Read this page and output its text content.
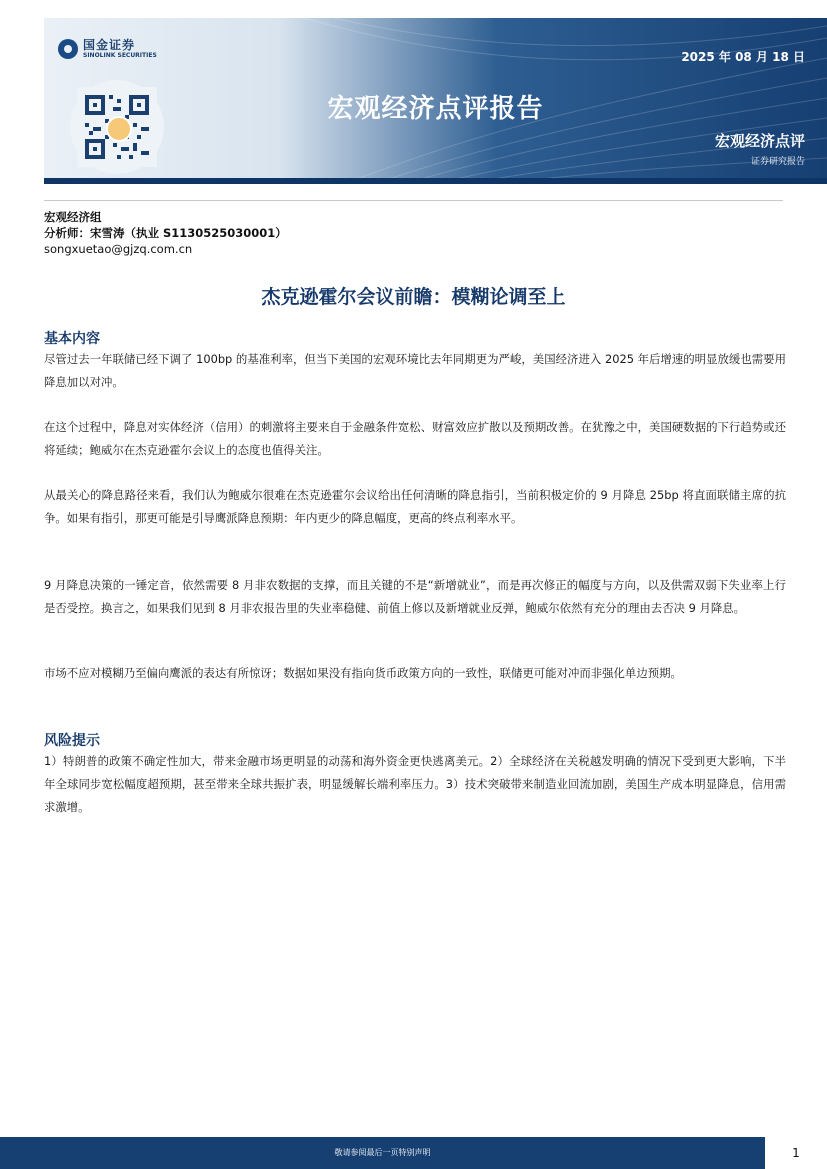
国金证券
SINOLINK SECURITIES
宏观经济点评报告
2025 年 08 月 18 日
宏观经济点评
证券研究报告
宏观经济组
分析师：宋雪涛（执业 S1130525030001）
songxuetao@gjzq.com.cn
杰克逊霍尔会议前瞻：模糊论调至上
基本内容

尽管过去一年联储已经下调了 100bp 的基准利率，但当下美国的宏观环境比去年同期更为严峻，美国经济进入 2025 年后增速的明显放缓也需要用降息加以对冲。

在这个过程中，降息对实体经济（信用）的刺激将主要来自于金融条件宽松、财富效应扩散以及预期改善。在犹豫之中，美国硬数据的下行趋势或还将延续；鲍威尔在杰克逊霍尔会议上的态度也值得关注。

从最关心的降息路径来看，我们认为鲍威尔很难在杰克逊霍尔会议给出任何清晰的降息指引，当前积极定价的 9 月降息 25bp 将直面联储主席的抗争。如果有指引，那更可能是引导鹰派降息预期：年内更少的降息幅度，更高的终点利率水平。

9 月降息决策的一锤定音，依然需要 8 月非农数据的支撑，而且关键的不是“新增就业”，而是再次修正的幅度与方向，以及供需双弱下失业率上行是否受控。换言之，如果我们见到 8 月非农报告里的失业率稳健、前值上修以及新增就业反弹，鲍威尔依然有充分的理由去否决 9 月降息。

市场不应对模糊乃至偏向鹰派的表达有所惊讶；数据如果没有指向货币政策方向的一致性，联储更可能对冲而非强化单边预期。

风险提示

1）特朗普的政策不确定性加大，带来金融市场更明显的动荡和海外资金更快逃离美元。2）全球经济在关税越发明确的情况下受到更大影响，下半年全球同步宽松幅度超预期，甚至带来全球共振扩表，明显缓解长端利率压力。3）技术突破带来制造业回流加剧，美国生产成本明显降息，信用需求激增。

敬请参阅最后一页特别声明	1
